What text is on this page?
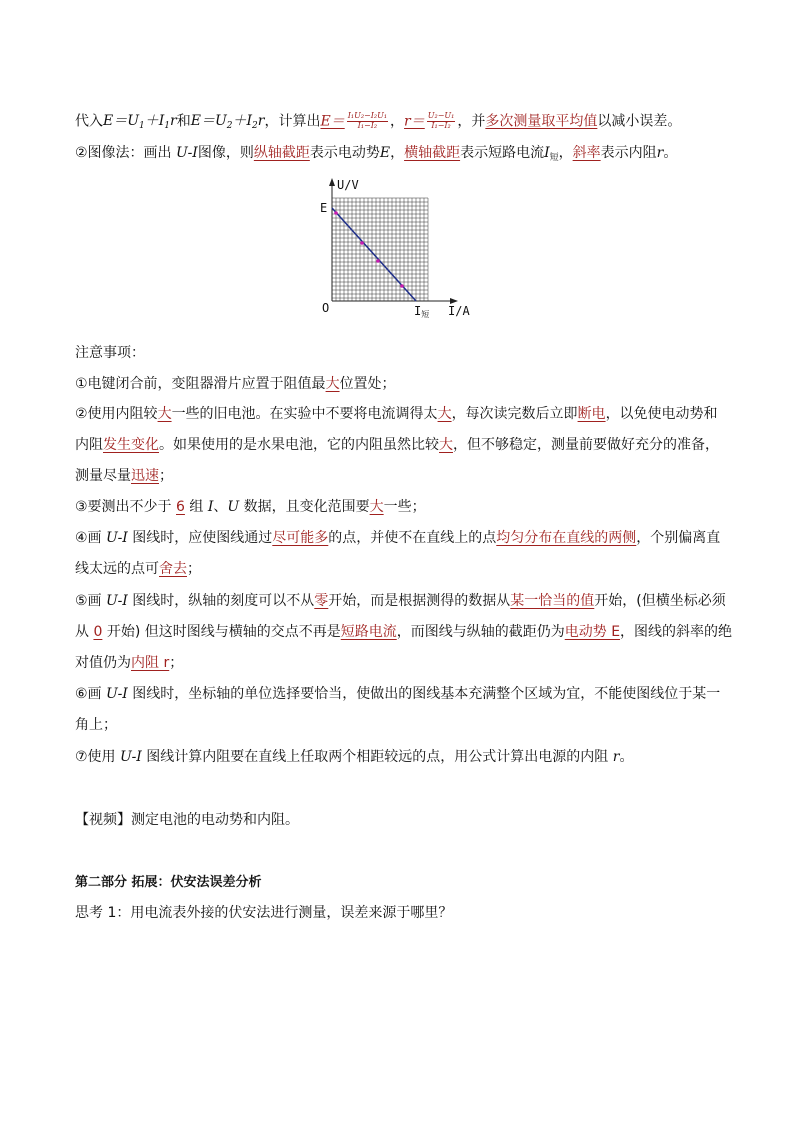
代入$E=U_1+I_1r$和$E=U_2+I_2r$，计算出$E= \frac{\text{I₁U₂−I₂U₁}}{\text{I₁−I₂}}$ ，$r= \frac{\text{U₂−U₁}}{\text{I₁−I₂}}$ ，并多次测量取平均值以减小误差。
②图像法：画出 U-I图像，则纵轴截距表示电动势E，横轴截距表示短路电流$I_短$，斜率表示内阻r。
U/V
E
O	I短 I/A
注意事项：
①电键闭合前，变阻器滑片应置于阻值最大位置处；
②使用内阻较大一些的旧电池。在实验中不要将电流调得太大，每次读完数后立即断电，以免使电动势和
内阻发生变化。如果使用的是水果电池，它的内阻虽然比较大，但不够稳定，测量前要做好充分的准备，
测量尽量迅速；
③要测出不少于 6 组 I、U 数据，且变化范围要大一些；
④画 U-I 图线时，应使图线通过尽可能多的点，并使不在直线上的点均匀分布在直线的两侧，个别偏离直
线太远的点可舍去；
⑤画 U-I 图线时，纵轴的刻度可以不从零开始，而是根据测得的数据从某一恰当的值开始，(但横坐标必须
从 0 开始) 但这时图线与横轴的交点不再是短路电流，而图线与纵轴的截距仍为电动势 E，图线的斜率的绝
对值仍为内阻 r；
⑥画 U-I 图线时，坐标轴的单位选择要恰当，使做出的图线基本充满整个区域为宜，不能使图线位于某一
角上；
⑦使用 U-I 图线计算内阻要在直线上任取两个相距较远的点，用公式计算出电源的内阻 r。
【视频】测定电池的电动势和内阻。
第二部分 拓展：伏安法误差分析
思考 1：用电流表外接的伏安法进行测量，误差来源于哪里？
